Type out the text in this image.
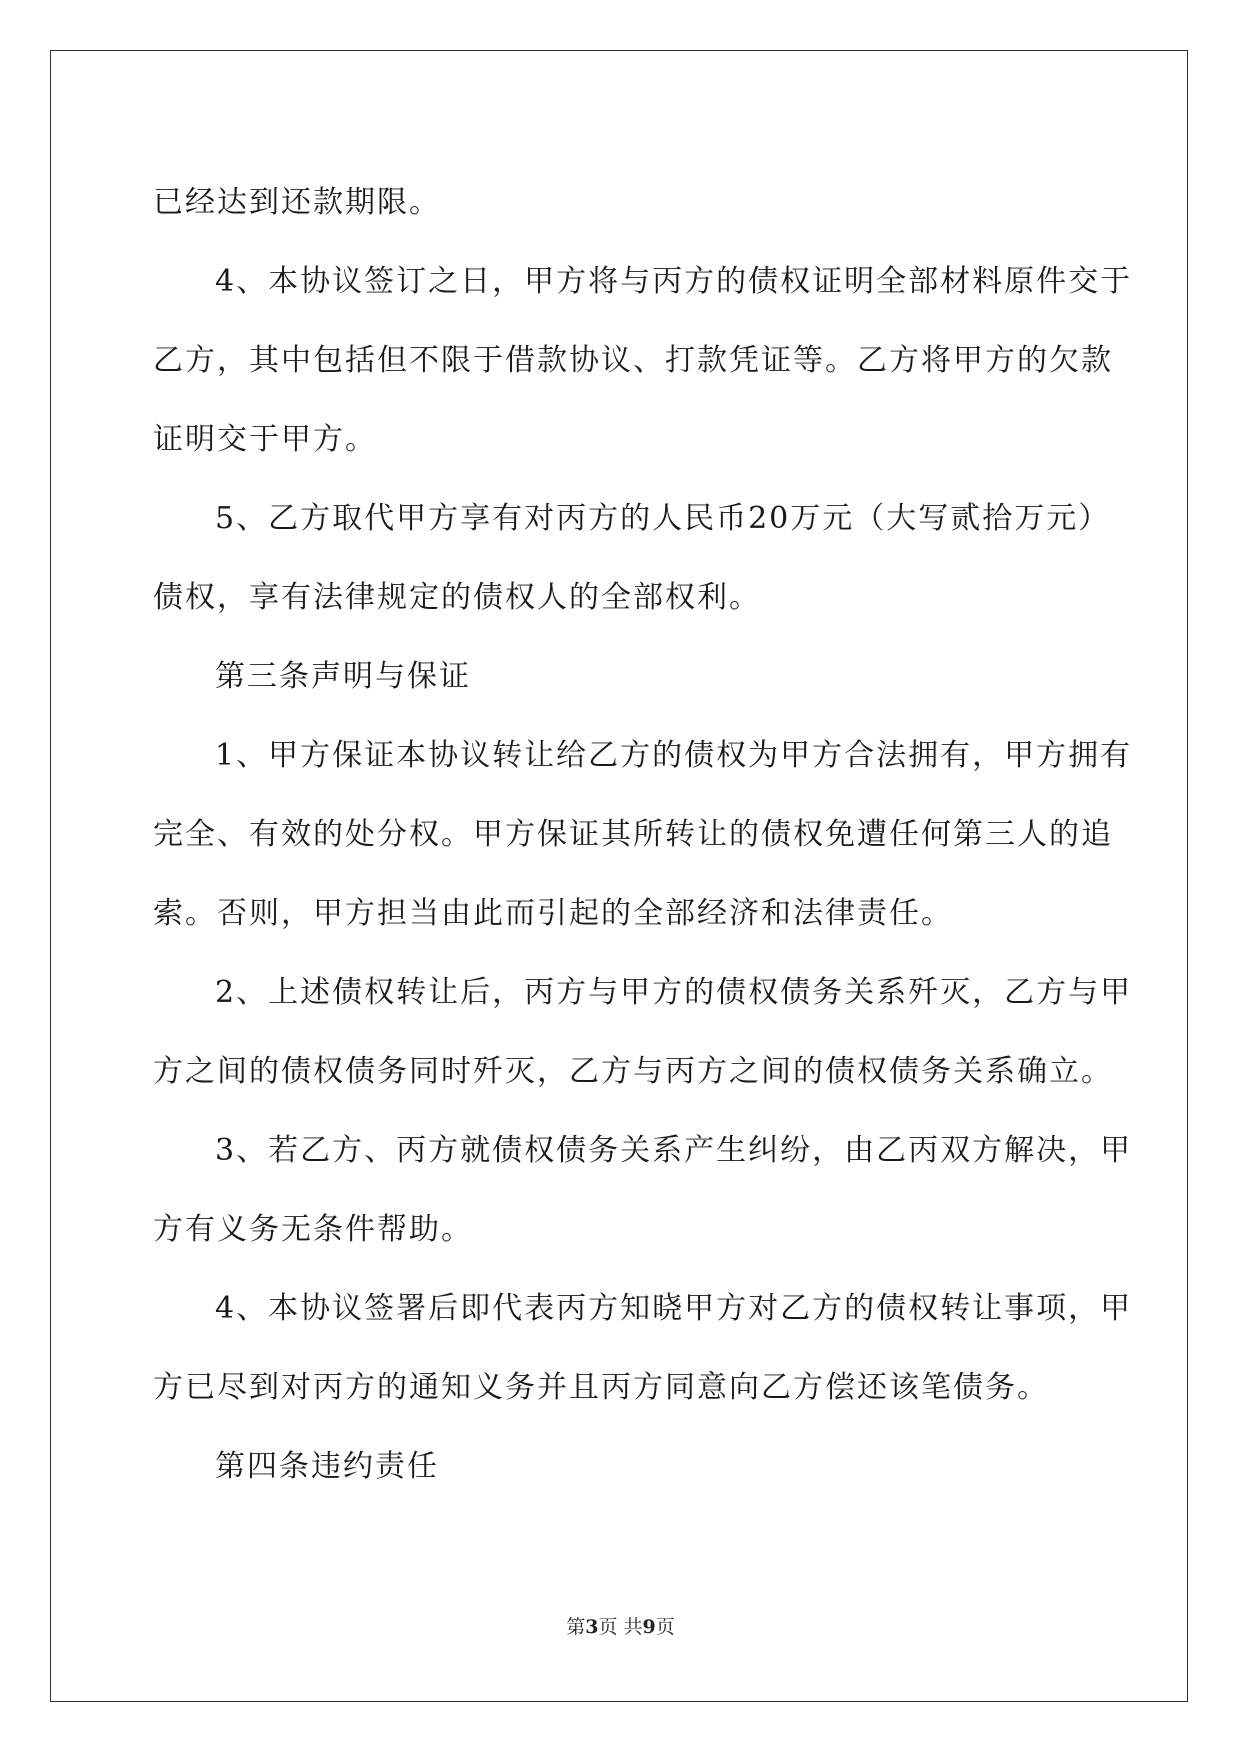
已经达到还款期限。
4、本协议签订之日，甲方将与丙方的债权证明全部材料原件交于
乙方，其中包括但不限于借款协议、打款凭证等。乙方将甲方的欠款
证明交于甲方。
5、乙方取代甲方享有对丙方的人民币20万元（大写贰拾万元）
债权，享有法律规定的债权人的全部权利。
第三条声明与保证
1、甲方保证本协议转让给乙方的债权为甲方合法拥有，甲方拥有
完全、有效的处分权。甲方保证其所转让的债权免遭任何第三人的追
索。否则，甲方担当由此而引起的全部经济和法律责任。
2、上述债权转让后，丙方与甲方的债权债务关系歼灭，乙方与甲
方之间的债权债务同时歼灭，乙方与丙方之间的债权债务关系确立。
3、若乙方、丙方就债权债务关系产生纠纷，由乙丙双方解决，甲
方有义务无条件帮助。
4、本协议签署后即代表丙方知晓甲方对乙方的债权转让事项，甲
方已尽到对丙方的通知义务并且丙方同意向乙方偿还该笔债务。
第四条违约责任
第3页 共9页
